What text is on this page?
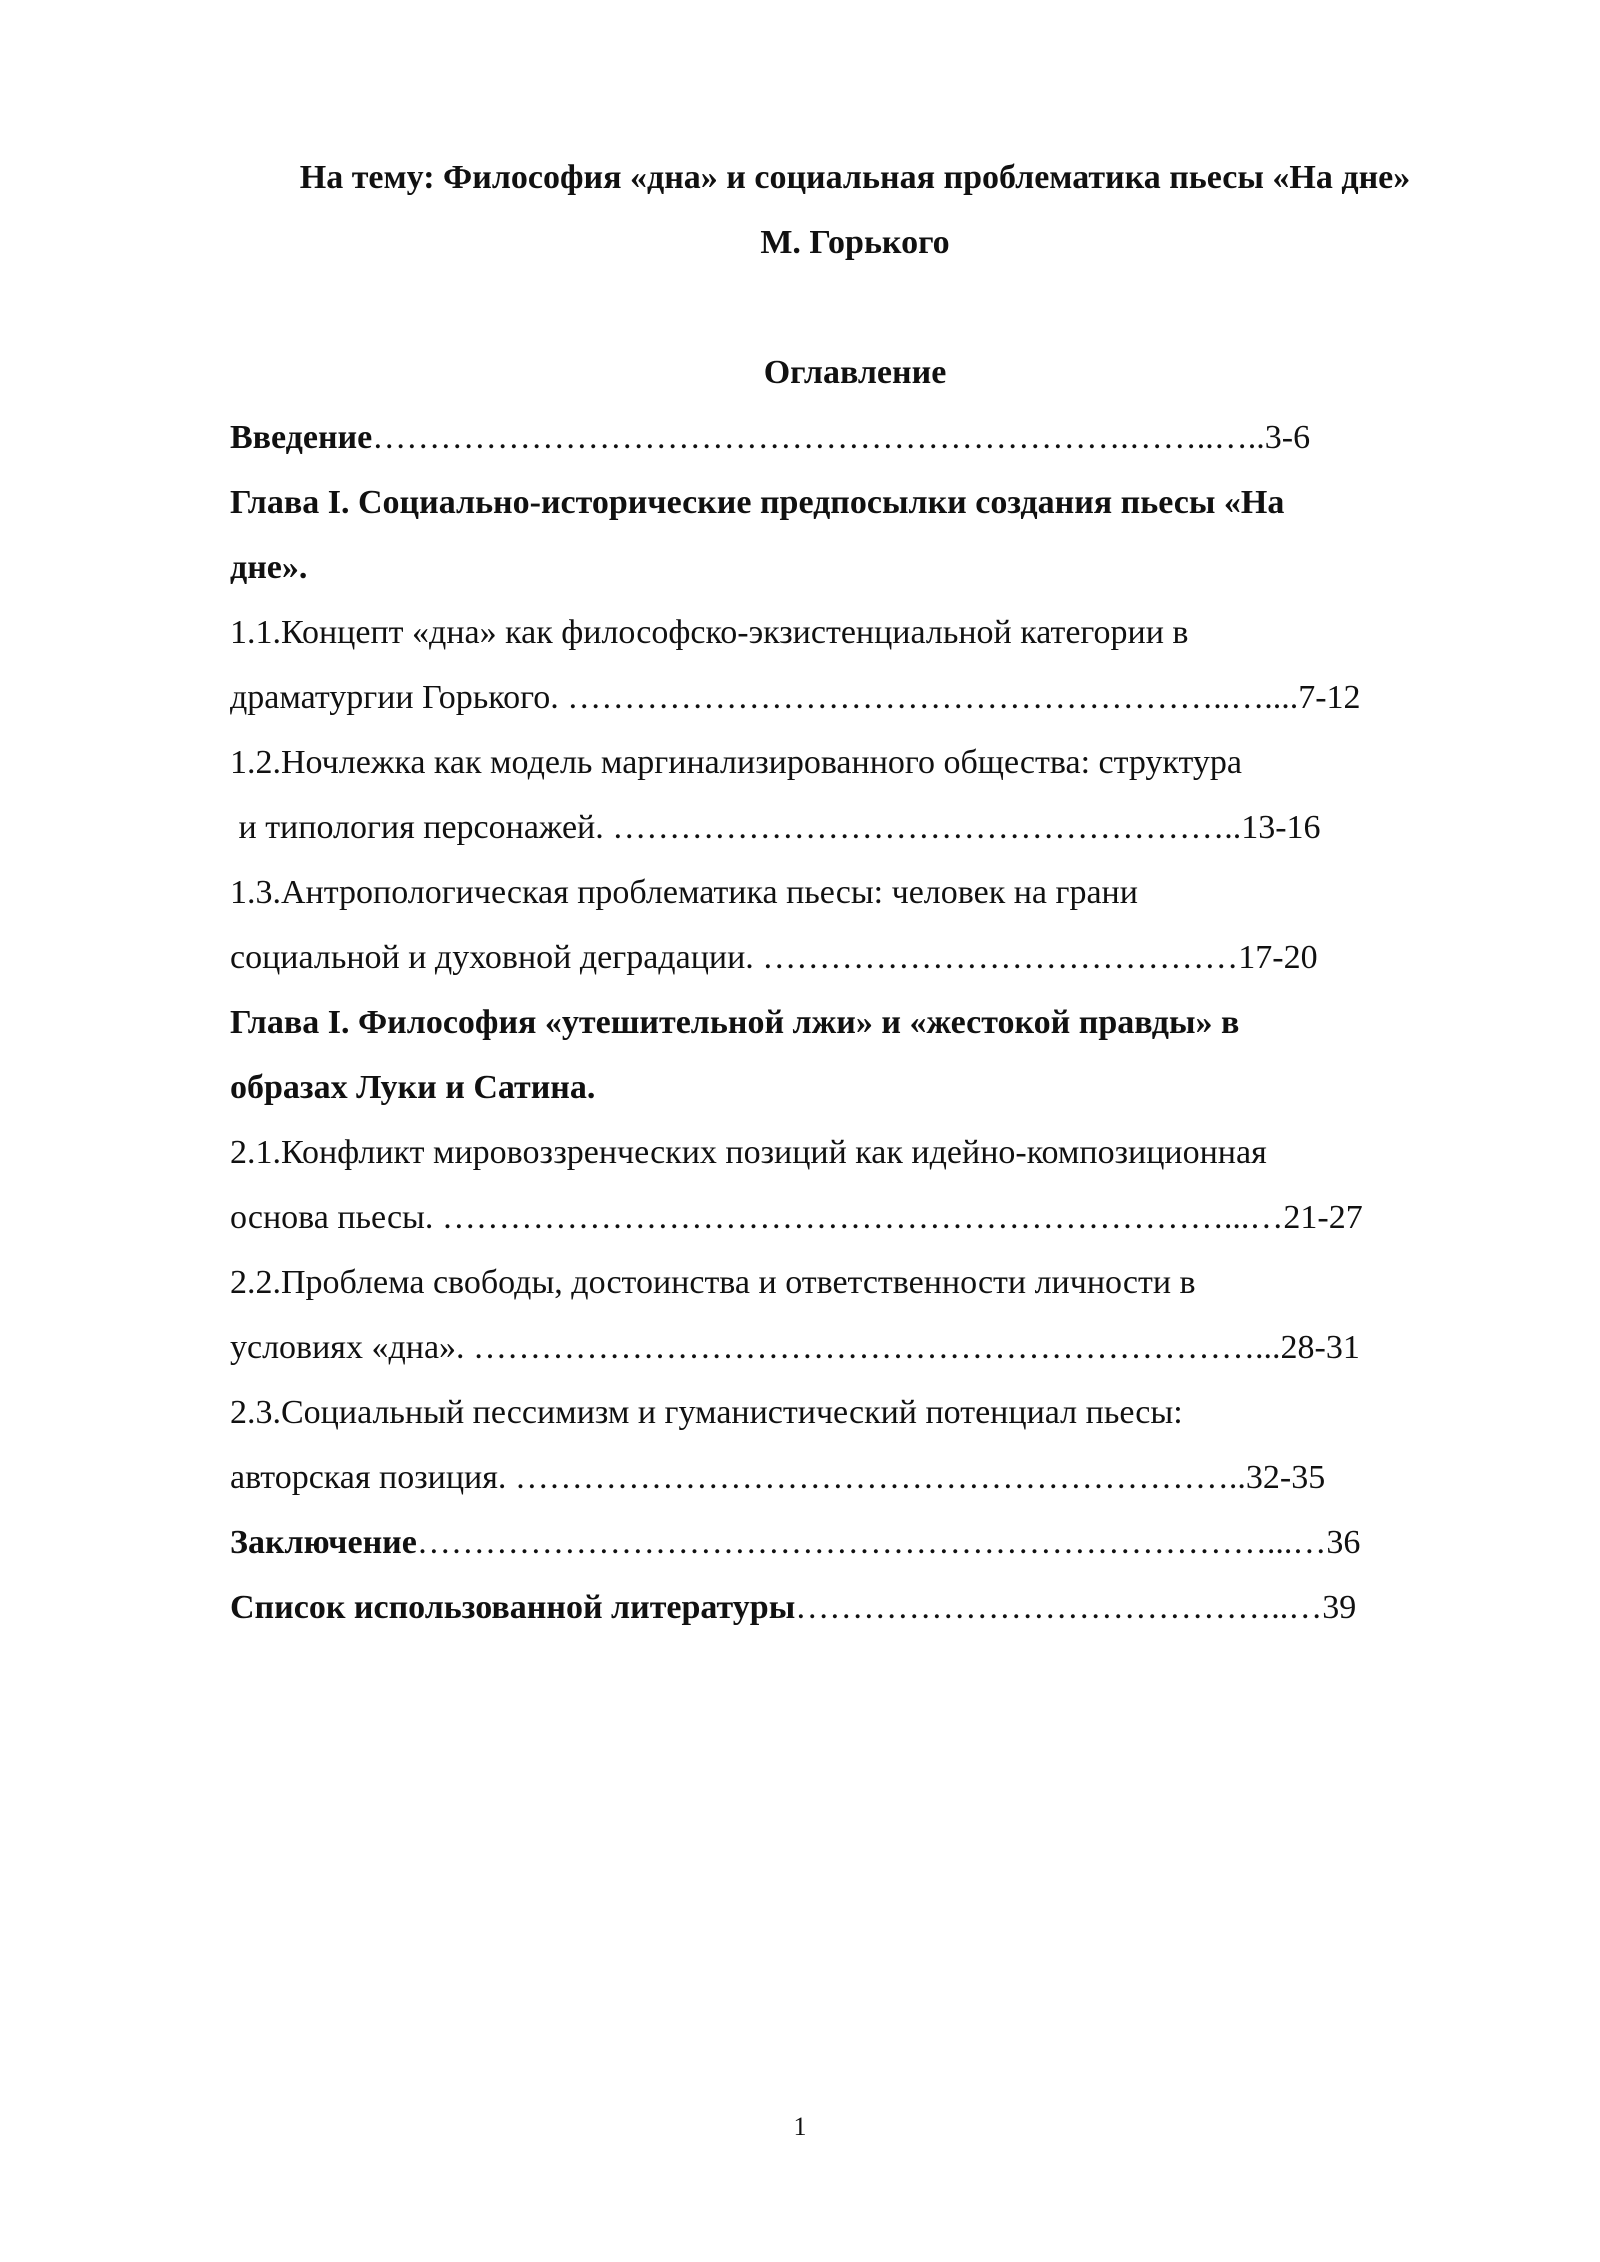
На тему: Философия «дна» и социальная проблематика пьесы «На дне»
М. Горького
Оглавление
Введение………………………………………………………….……..…..3-6
Глава I. Социально-исторические предпосылки создания пьесы «На
дне».
1.1.Концепт «дна» как философско-экзистенциальной категории в
драматургии Горького. …………………………………………………..…....7-12
1.2.Ночлежка как модель маргинализированного общества: структура
и типология персонажей. ………………………………………………..13-16
1.3.Антропологическая проблематика пьесы: человек на грани
социальной и духовной деградации. ……………………………………17-20
Глава I. Философия «утешительной лжи» и «жестокой правды» в
образах Луки и Сатина.
2.1.Конфликт мировоззренческих позиций как идейно-композиционная
основа пьесы. ……………………………………………………………...…21-27
2.2.Проблема свободы, достоинства и ответственности личности в
условиях «дна». ……………………………………………………………...28-31
2.3.Социальный пессимизм и гуманистический потенциал пьесы:
авторская позиция. ………………………………………………………..32-35
Заключение…………………………………………………………………...…36
Список использованной литературы……………………………………..…39
1
